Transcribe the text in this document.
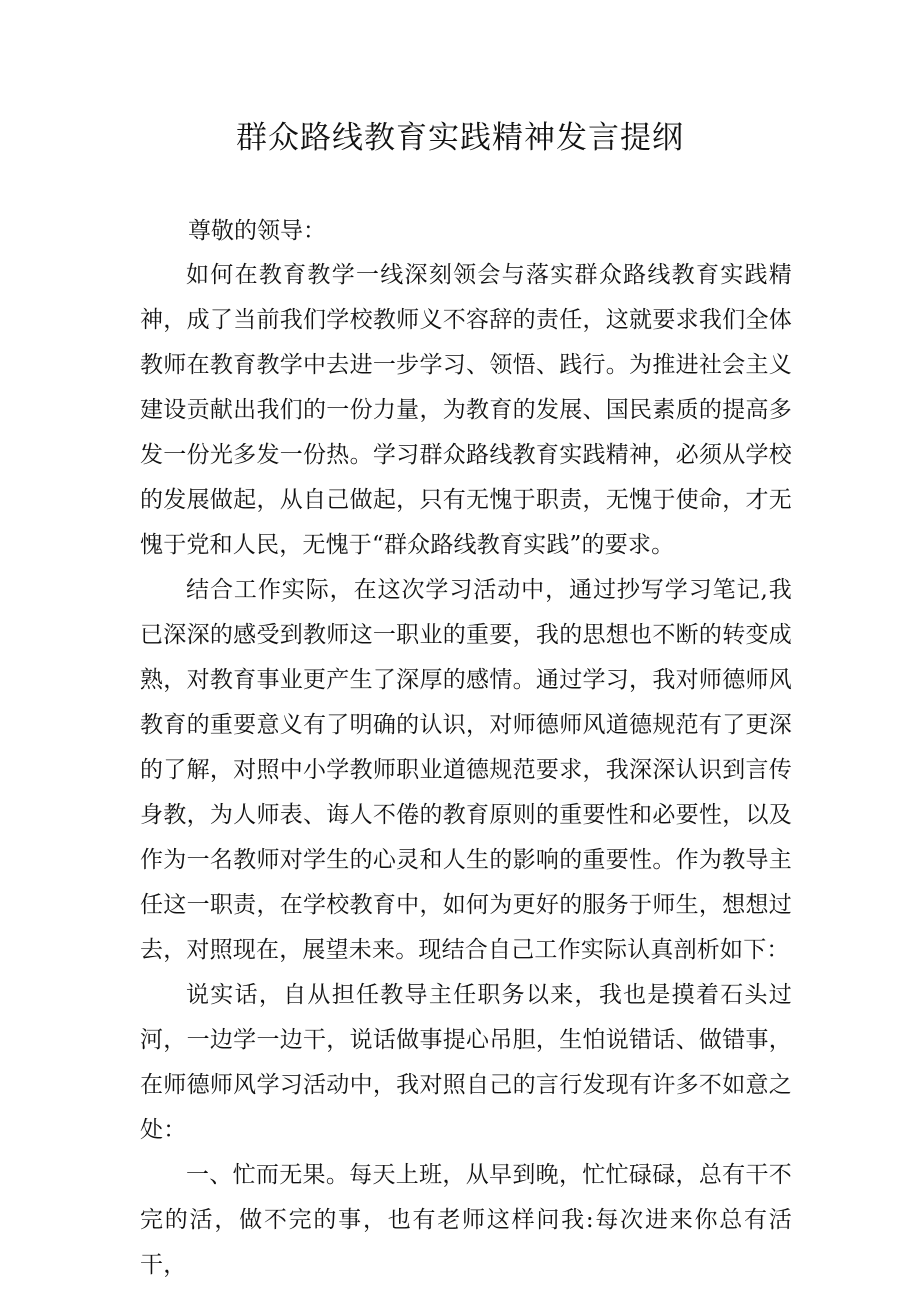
群众路线教育实践精神发言提纲

尊敬的领导：

如何在教育教学一线深刻领会与落实群众路线教育实践精神，成了当前我们学校教师义不容辞的责任，这就要求我们全体教师在教育教学中去进一步学习、领悟、践行。为推进社会主义建设贡献出我们的一份力量，为教育的发展、国民素质的提高多发一份光多发一份热。学习群众路线教育实践精神，必须从学校的发展做起，从自己做起，只有无愧于职责，无愧于使命，才无愧于党和人民，无愧于“群众路线教育实践”的要求。

结合工作实际，在这次学习活动中，通过抄写学习笔记,我已深深的感受到教师这一职业的重要，我的思想也不断的转变成熟，对教育事业更产生了深厚的感情。通过学习，我对师德师风教育的重要意义有了明确的认识，对师德师风道德规范有了更深的了解，对照中小学教师职业道德规范要求，我深深认识到言传身教，为人师表、诲人不倦的教育原则的重要性和必要性，以及作为一名教师对学生的心灵和人生的影响的重要性。作为教导主任这一职责，在学校教育中，如何为更好的服务于师生，想想过去，对照现在，展望未来。现结合自己工作实际认真剖析如下：

说实话，自从担任教导主任职务以来，我也是摸着石头过河，一边学一边干，说话做事提心吊胆，生怕说错话、做错事，在师德师风学习活动中，我对照自己的言行发现有许多不如意之处：

一、忙而无果。每天上班，从早到晚，忙忙碌碌，总有干不完的活，做不完的事，也有老师这样问我:每次进来你总有活干，
